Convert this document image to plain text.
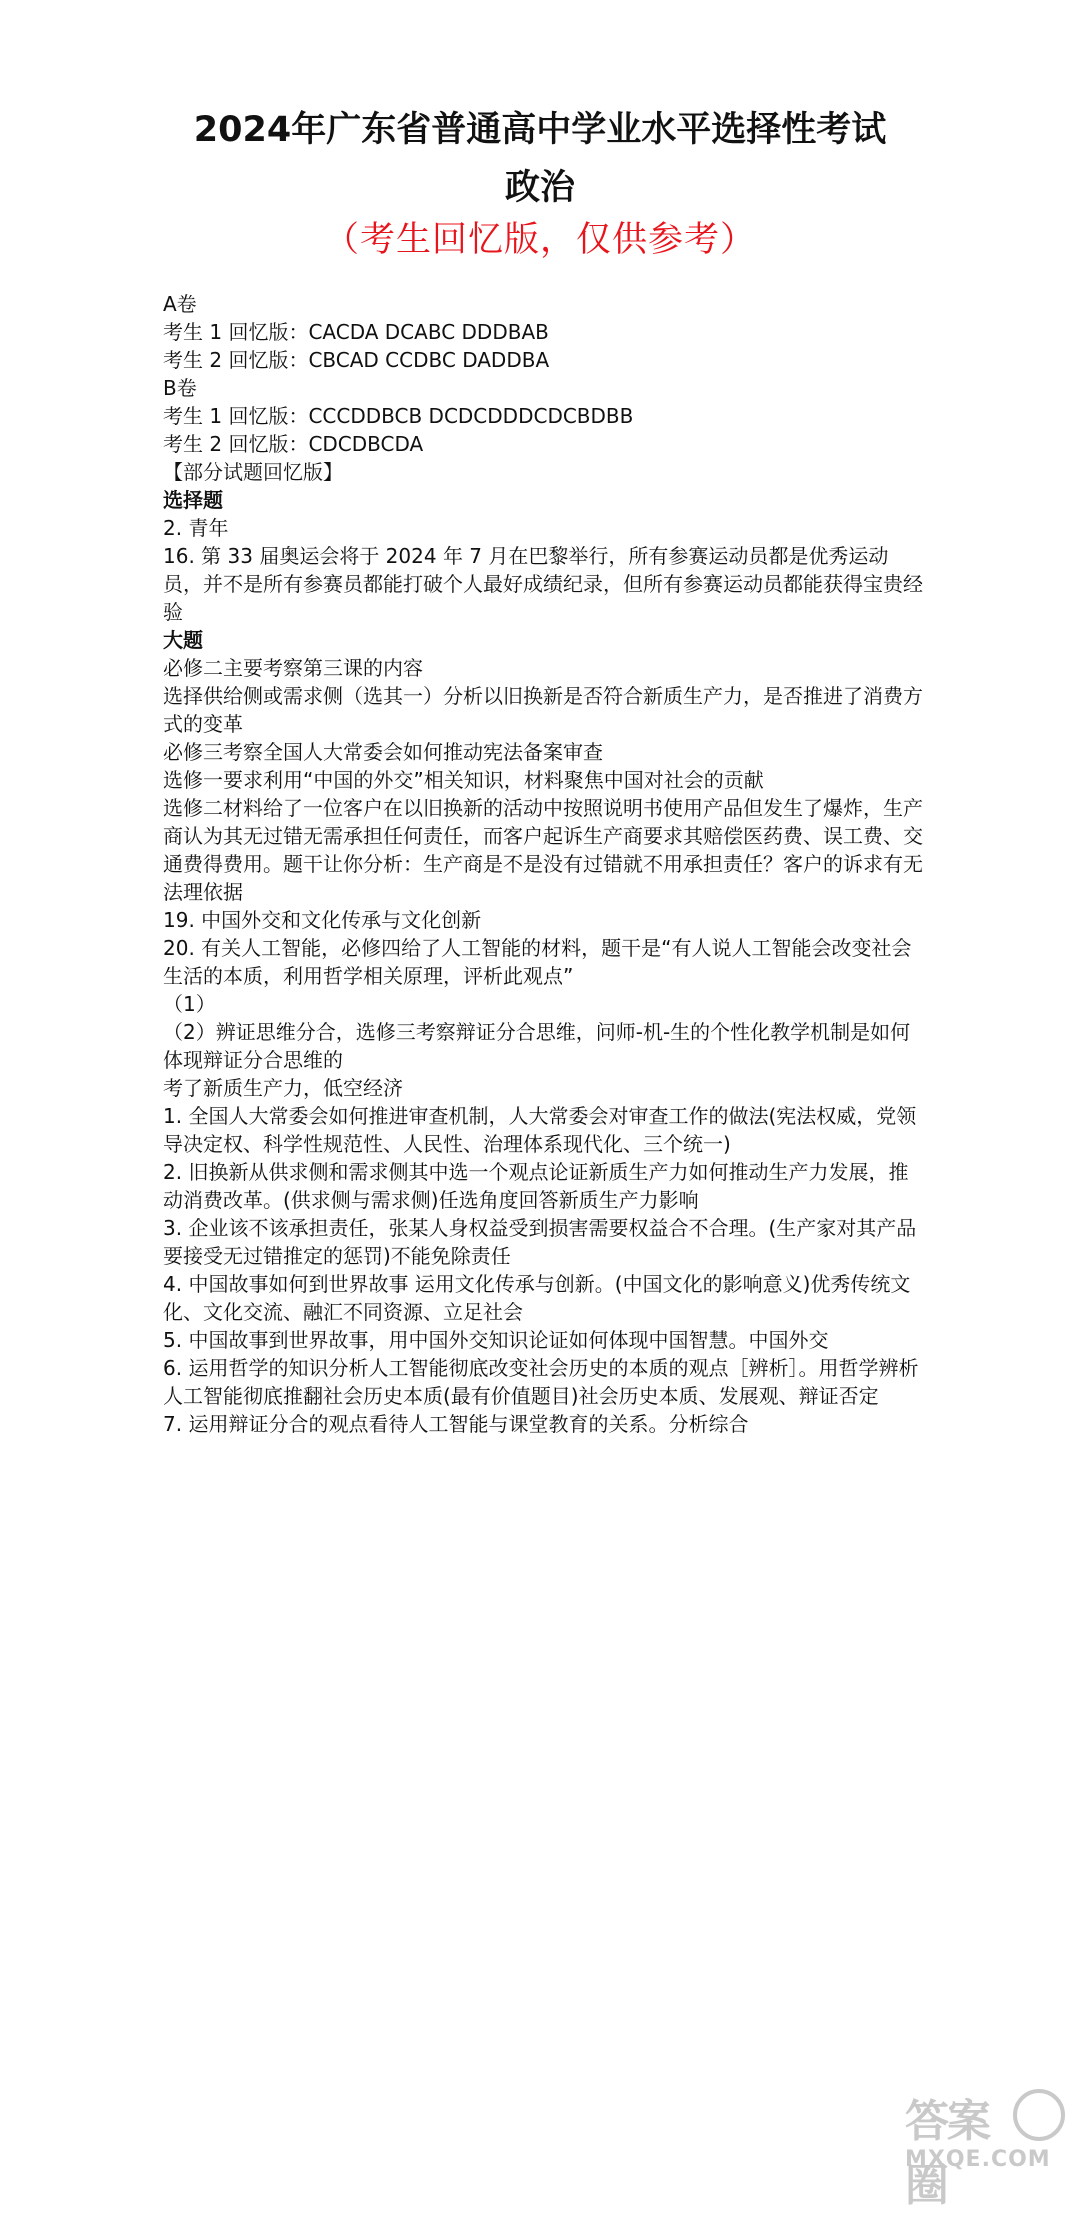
2024年广东省普通高中学业水平选择性考试
政治
（考生回忆版，仅供参考）

A卷

考生 1 回忆版：CACDA DCABC DDDBAB

考生 2 回忆版：CBCAD CCDBC DADDBA

B卷

考生 1 回忆版：CCCDDBCB DCDCDDDCDCBDBB

考生 2 回忆版：CDCDBCDA

【部分试题回忆版】

选择题

2. 青年

16. 第 33 届奥运会将于 2024 年 7 月在巴黎举行，所有参赛运动员都是优秀运动员，并不是所有参赛员都能打破个人最好成绩纪录，但所有参赛运动员都能获得宝贵经验

大题

必修二主要考察第三课的内容

选择供给侧或需求侧（选其一）分析以旧换新是否符合新质生产力，是否推进了消费方式的变革

必修三考察全国人大常委会如何推动宪法备案审查

选修一要求利用“中国的外交”相关知识，材料聚焦中国对社会的贡献

选修二材料给了一位客户在以旧换新的活动中按照说明书使用产品但发生了爆炸，生产商认为其无过错无需承担任何责任，而客户起诉生产商要求其赔偿医药费、误工费、交通费得费用。题干让你分析：生产商是不是没有过错就不用承担责任？客户的诉求有无法理依据

19. 中国外交和文化传承与文化创新

20. 有关人工智能，必修四给了人工智能的材料，题干是“有人说人工智能会改变社会生活的本质，利用哲学相关原理，评析此观点”

（1）

（2）辨证思维分合，选修三考察辩证分合思维，问师-机-生的个性化教学机制是如何体现辩证分合思维的

考了新质生产力，低空经济

1. 全国人大常委会如何推进审查机制，人大常委会对审查工作的做法(宪法权威，党领导决定权、科学性规范性、人民性、治理体系现代化、三个统一)

2. 旧换新从供求侧和需求侧其中选一个观点论证新质生产力如何推动生产力发展，推动消费改革。(供求侧与需求侧)任选角度回答新质生产力影响

3. 企业该不该承担责任，张某人身权益受到损害需要权益合不合理。(生产家对其产品要接受无过错推定的惩罚)不能免除责任

4. 中国故事如何到世界故事 运用文化传承与创新。(中国文化的影响意义)优秀传统文化、文化交流、融汇不同资源、立足社会

5. 中国故事到世界故事，用中国外交知识论证如何体现中国智慧。中国外交

6. 运用哲学的知识分析人工智能彻底改变社会历史的本质的观点［辨析］。用哲学辨析人工智能彻底推翻社会历史本质(最有价值题目)社会历史本质、发展观、辩证否定

7. 运用辩证分合的观点看待人工智能与课堂教育的关系。分析综合

答案圈
MXQE.COM
